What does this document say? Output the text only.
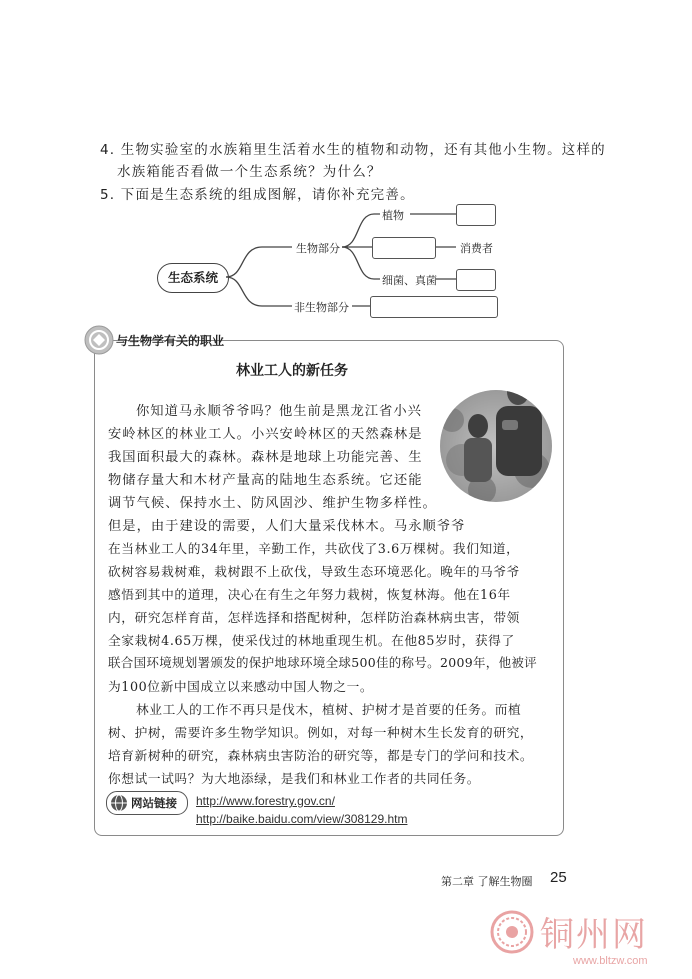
4. 生物实验室的水族箱里生活着水生的植物和动物，还有其他小生物。这样的
水族箱能否看做一个生态系统？为什么？
5. 下面是生态系统的组成图解，请你补充完善。
生态系统
生物部分
非生物部分
植物
消费者
细菌、真菌
与生物学有关的职业
林业工人的新任务
你知道马永顺爷爷吗？他生前是黑龙江省小兴
安岭林区的林业工人。小兴安岭林区的天然森林是
我国面积最大的森林。森林是地球上功能完善、生
物储存量大和木材产量高的陆地生态系统。它还能
调节气候、保持水土、防风固沙、维护生物多样性。
但是，由于建设的需要，人们大量采伐林木。马永顺爷爷
在当林业工人的34年里，辛勤工作，共砍伐了3.6万棵树。我们知道，
砍树容易栽树难，栽树跟不上砍伐，导致生态环境恶化。晚年的马爷爷
感悟到其中的道理，决心在有生之年努力栽树，恢复林海。他在16年
内，研究怎样育苗，怎样选择和搭配树种，怎样防治森林病虫害，带领
全家栽树4.65万棵，使采伐过的林地重现生机。在他85岁时，获得了
联合国环境规划署颁发的保护地球环境全球500佳的称号。2009年，他被评
为100位新中国成立以来感动中国人物之一。
林业工人的工作不再只是伐木，植树、护树才是首要的任务。而植
树、护树，需要许多生物学知识。例如，对每一种树木生长发育的研究，
培育新树种的研究，森林病虫害防治的研究等，都是专门的学问和技术。
你想试一试吗？为大地添绿，是我们和林业工作者的共同任务。
网站链接 http://www.forestry.gov.cn/
http://baike.baidu.com/view/308129.htm
第二章 了解生物圈 25
铜州网
www.bltzw.com
